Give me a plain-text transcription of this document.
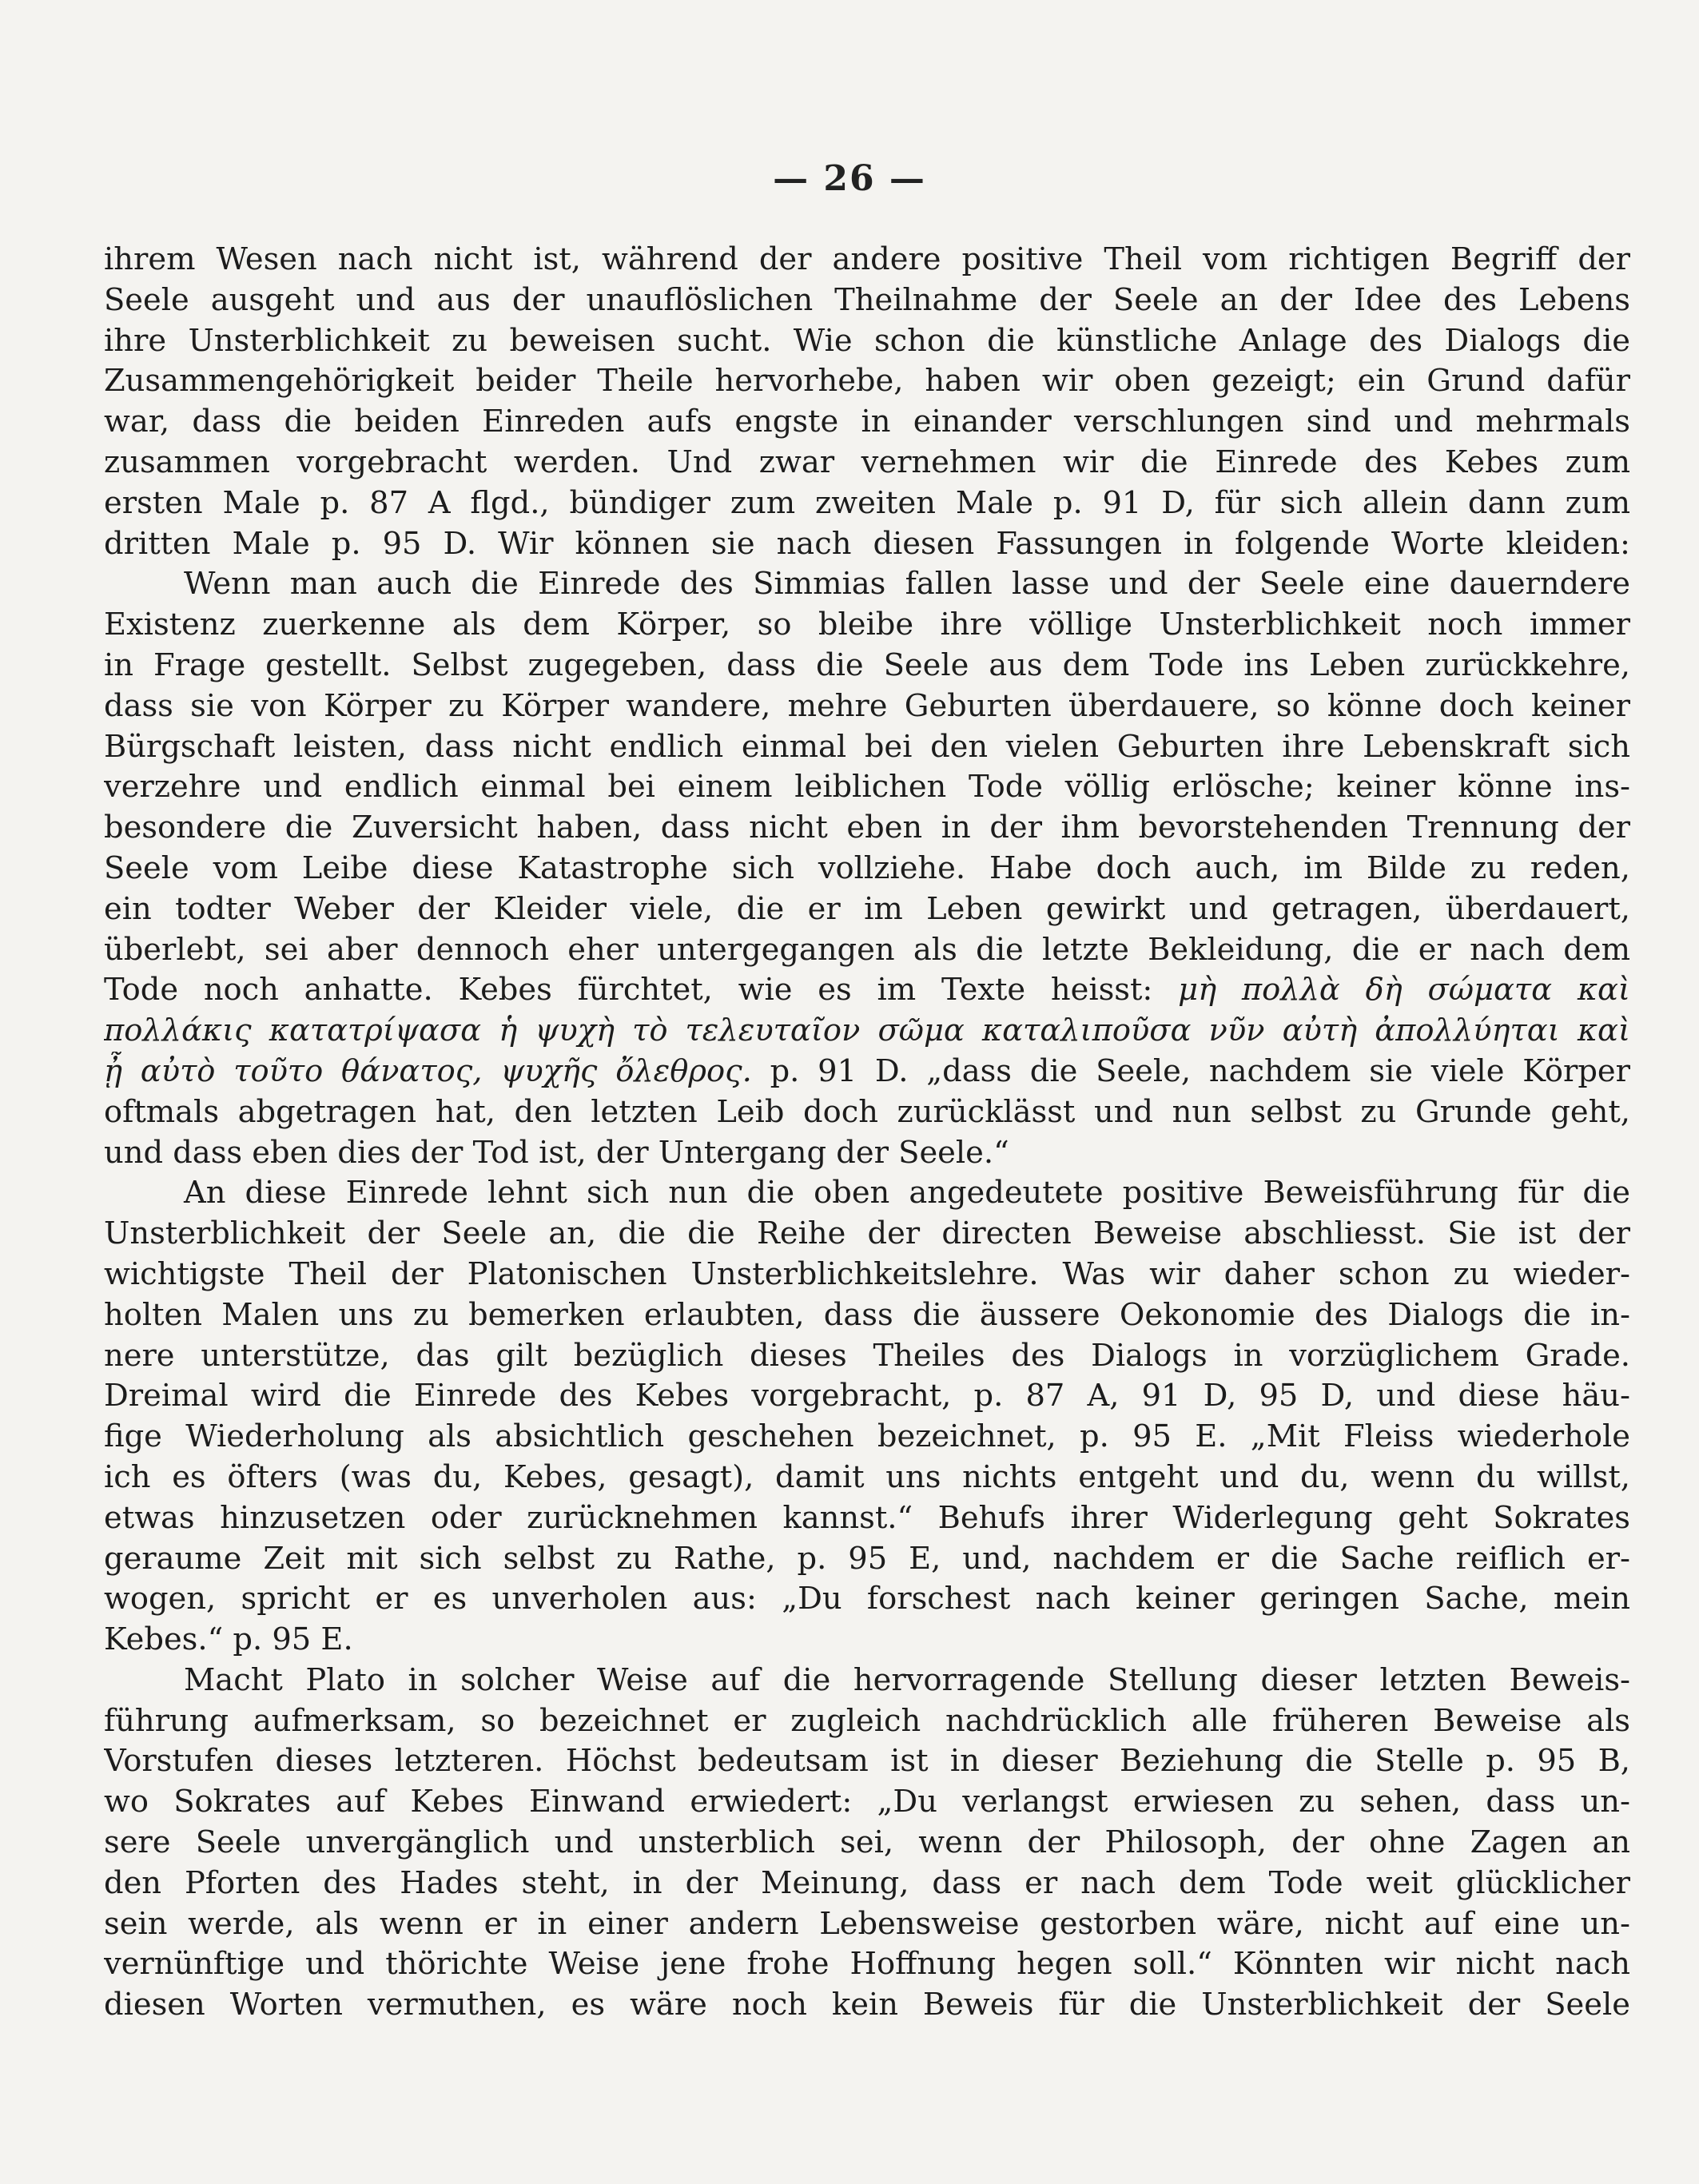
— 26 —
ihrem Wesen nach nicht ist, während der andere positive Theil vom richtigen Begriff der
Seele ausgeht und aus der unauflöslichen Theilnahme der Seele an der Idee des Lebens
ihre Unsterblichkeit zu beweisen sucht. Wie schon die künstliche Anlage des Dialogs die
Zusammengehörigkeit beider Theile hervorhebe, haben wir oben gezeigt; ein Grund dafür
war, dass die beiden Einreden aufs engste in einander verschlungen sind und mehrmals
zusammen vorgebracht werden. Und zwar vernehmen wir die Einrede des Kebes zum
ersten Male p. 87 A flgd., bündiger zum zweiten Male p. 91 D, für sich allein dann zum
dritten Male p. 95 D. Wir können sie nach diesen Fassungen in folgende Worte kleiden:
Wenn man auch die Einrede des Simmias fallen lasse und der Seele eine dauerndere
Existenz zuerkenne als dem Körper, so bleibe ihre völlige Unsterblichkeit noch immer
in Frage gestellt. Selbst zugegeben, dass die Seele aus dem Tode ins Leben zurückkehre,
dass sie von Körper zu Körper wandere, mehre Geburten überdauere, so könne doch keiner
Bürgschaft leisten, dass nicht endlich einmal bei den vielen Geburten ihre Lebenskraft sich
verzehre und endlich einmal bei einem leiblichen Tode völlig erlösche; keiner könne ins-
besondere die Zuversicht haben, dass nicht eben in der ihm bevorstehenden Trennung der
Seele vom Leibe diese Katastrophe sich vollziehe. Habe doch auch, im Bilde zu reden,
ein todter Weber der Kleider viele, die er im Leben gewirkt und getragen, überdauert,
überlebt, sei aber dennoch eher untergegangen als die letzte Bekleidung, die er nach dem
Tode noch anhatte. Kebes fürchtet, wie es im Texte heisst: μὴ πολλὰ δὴ σώματα καὶ
πολλάκις κατατρίψασα ἡ ψυχὴ τὸ τελευταῖον σῶμα καταλιποῦσα νῦν αὐτὴ ἀπολλύηται καὶ
ᾖ αὐτὸ τοῦτο θάνατος, ψυχῆς ὄλεθρος. p. 91 D. „dass die Seele, nachdem sie viele Körper
oftmals abgetragen hat, den letzten Leib doch zurücklässt und nun selbst zu Grunde geht,
und dass eben dies der Tod ist, der Untergang der Seele.“
An diese Einrede lehnt sich nun die oben angedeutete positive Beweisführung für die
Unsterblichkeit der Seele an, die die Reihe der directen Beweise abschliesst. Sie ist der
wichtigste Theil der Platonischen Unsterblichkeitslehre. Was wir daher schon zu wieder-
holten Malen uns zu bemerken erlaubten, dass die äussere Oekonomie des Dialogs die in-
nere unterstütze, das gilt bezüglich dieses Theiles des Dialogs in vorzüglichem Grade.
Dreimal wird die Einrede des Kebes vorgebracht, p. 87 A, 91 D, 95 D, und diese häu-
fige Wiederholung als absichtlich geschehen bezeichnet, p. 95 E. „Mit Fleiss wiederhole
ich es öfters (was du, Kebes, gesagt), damit uns nichts entgeht und du, wenn du willst,
etwas hinzusetzen oder zurücknehmen kannst.“ Behufs ihrer Widerlegung geht Sokrates
geraume Zeit mit sich selbst zu Rathe, p. 95 E, und, nachdem er die Sache reiflich er-
wogen, spricht er es unverholen aus: „Du forschest nach keiner geringen Sache, mein
Kebes.“ p. 95 E.
Macht Plato in solcher Weise auf die hervorragende Stellung dieser letzten Beweis-
führung aufmerksam, so bezeichnet er zugleich nachdrücklich alle früheren Beweise als
Vorstufen dieses letzteren. Höchst bedeutsam ist in dieser Beziehung die Stelle p. 95 B,
wo Sokrates auf Kebes Einwand erwiedert: „Du verlangst erwiesen zu sehen, dass un-
sere Seele unvergänglich und unsterblich sei, wenn der Philosoph, der ohne Zagen an
den Pforten des Hades steht, in der Meinung, dass er nach dem Tode weit glücklicher
sein werde, als wenn er in einer andern Lebensweise gestorben wäre, nicht auf eine un-
vernünftige und thörichte Weise jene frohe Hoffnung hegen soll.“ Könnten wir nicht nach
diesen Worten vermuthen, es wäre noch kein Beweis für die Unsterblichkeit der Seele
